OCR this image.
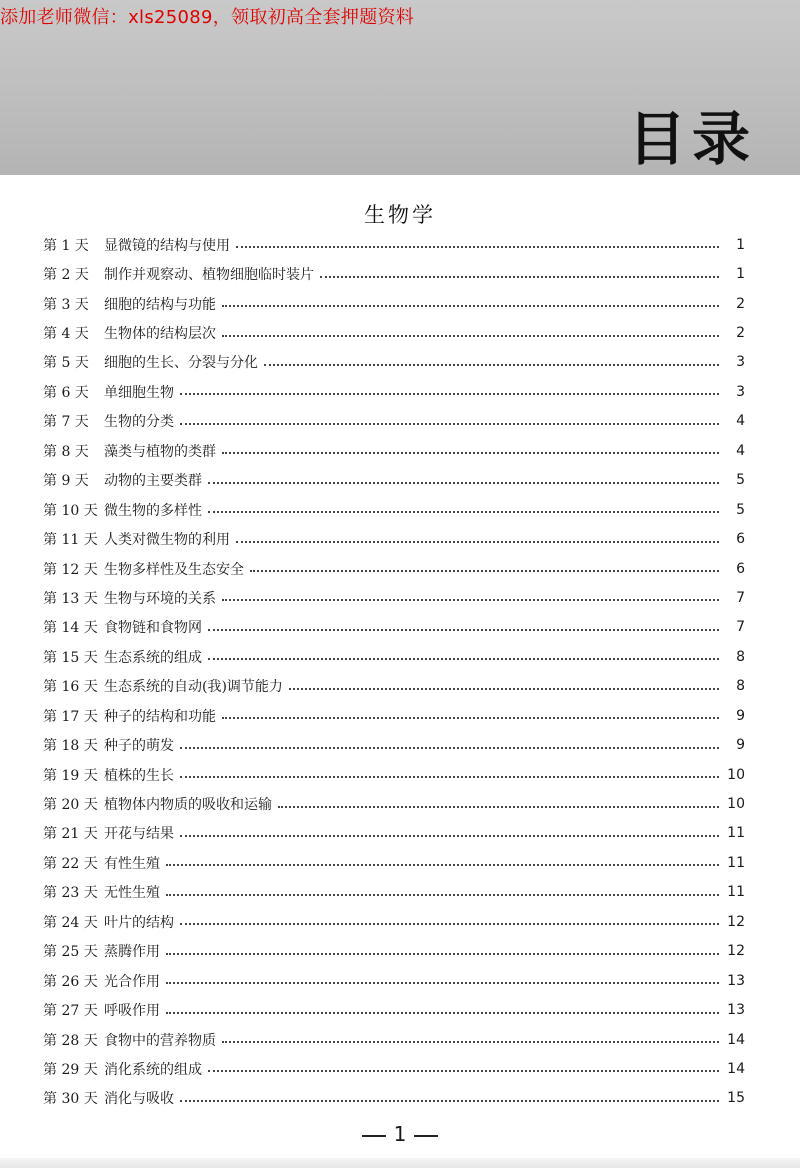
添加老师微信：xls25089，领取初高全套押题资料
目录
生物学
第 1 天	显微镜的结构与使用	1
第 2 天	制作并观察动、植物细胞临时装片	1
第 3 天	细胞的结构与功能	2
第 4 天	生物体的结构层次	2
第 5 天	细胞的生长、分裂与分化	3
第 6 天	单细胞生物	3
第 7 天	生物的分类	4
第 8 天	藻类与植物的类群	4
第 9 天	动物的主要类群	5
第 10 天 微生物的多样性	5
第 11 天 人类对微生物的利用	6
第 12 天 生物多样性及生态安全	6
第 13 天 生物与环境的关系	7
第 14 天 食物链和食物网	7
第 15 天 生态系统的组成	8
第 16 天 生态系统的自动(我)调节能力	8
第 17 天 种子的结构和功能	9
第 18 天 种子的萌发	9
第 19 天 植株的生长	10
第 20 天 植物体内物质的吸收和运输	10
第 21 天 开花与结果	11
第 22 天 有性生殖	11
第 23 天 无性生殖	11
第 24 天 叶片的结构	12
第 25 天 蒸腾作用	12
第 26 天 光合作用	13
第 27 天 呼吸作用	13
第 28 天 食物中的营养物质	14
第 29 天 消化系统的组成	14
第 30 天 消化与吸收	15
1
